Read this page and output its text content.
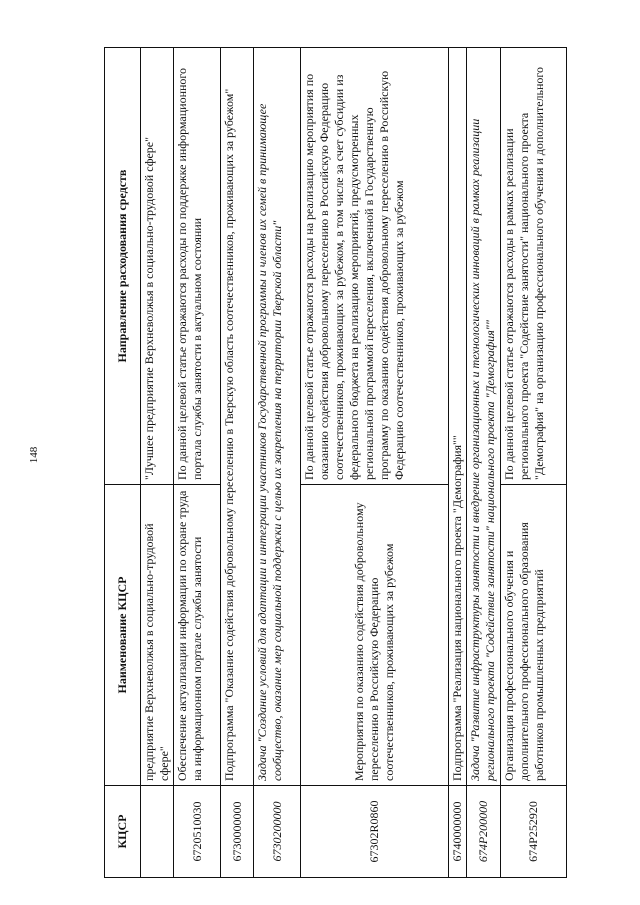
148
КЦСР	Наименование КЦСР	Направление расходования средств
	предприятие Верхневолжья в социально-трудовой сфере"	"Лучшее предприятие Верхневолжья в социально-трудовой сфере"
6720510030	Обеспечение актуализации информации по охране труда на информационном портале службы занятости	По данной целевой статье отражаются расходы по поддержке информационного портала службы занятости в актуальном состоянии
6730000000	Подпрограмма "Оказание содействия добровольному переселению в Тверскую область соотечественников, проживающих за рубежом"	
6730200000	Задача "Создание условий для адаптации и интеграции участников Государственной программы и членов их семей в принимающее сообщество, оказание мер социальной поддержки с целью их закрепления на территории Тверской области"	
67302R0860	Мероприятия по оказанию содействия добровольному переселению в Российскую Федерацию соотечественников, проживающих за рубежом	По данной целевой статье отражаются расходы на реализацию мероприятия по оказанию содействия добровольному переселению в Российскую Федерацию соотечественников, проживающих за рубежом, в том числе за счет субсидии из федерального бюджета на реализацию мероприятий, предусмотренных региональной программой переселения, включенной в Государственную программу по оказанию содействия добровольному переселению в Российскую Федерацию соотечественников, проживающих за рубежом
6740000000	Подпрограмма "Реализация национального проекта "Демография""	
674P200000	Задача "Развитие инфраструктуры занятости и внедрение организационных и технологических инноваций в рамках реализации регионального проекта "Содействие занятости" национального проекта "Демография""	
674P252920	Организация профессионального обучения и дополнительного профессионального образования работников промышленных предприятий	По данной целевой статье отражаются расходы в рамках реализации регионального проекта "Содействие занятости" национального проекта "Демография" на организацию профессионального обучения и дополнительного
